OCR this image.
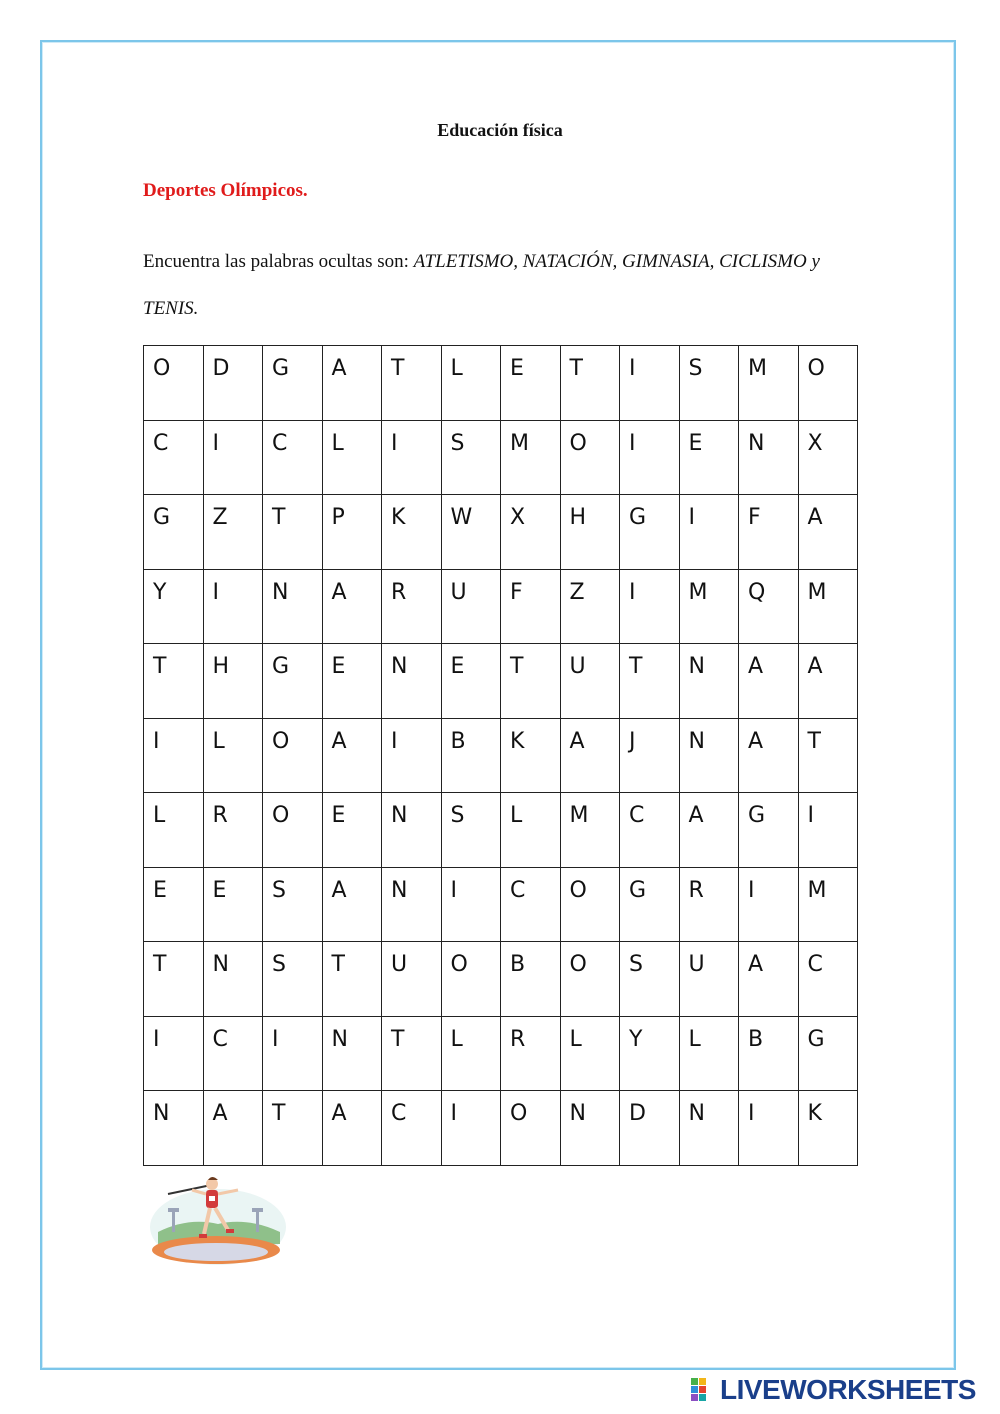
Educación física
Deportes Olímpicos.
Encuentra las palabras ocultas son: ATLETISMO, NATACIÓN, GIMNASIA, CICLISMO y TENIS.
O	D	G	A	T	L	E	T	I	S	M	O

C	I	C	L	I	S	M	O	I	E	N	X

G	Z	T	P	K	W	X	H	G	I	F	A

Y	I	N	A	R	U	F	Z	I	M	Q	M

T	H	G	E	N	E	T	U	T	N	A	A

I	L	O	A	I	B	K	A	J	N	A	T

L	R	O	E	N	S	L	M	C	A	G	I

E	E	S	A	N	I	C	O	G	R	I	M

T	N	S	T	U	O	B	O	S	U	A	C

I	C	I	N	T	L	R	L	Y	L	B	G

N	A	T	A	C	I	O	N	D	N	I	K
LIVEWORKSHEETS
